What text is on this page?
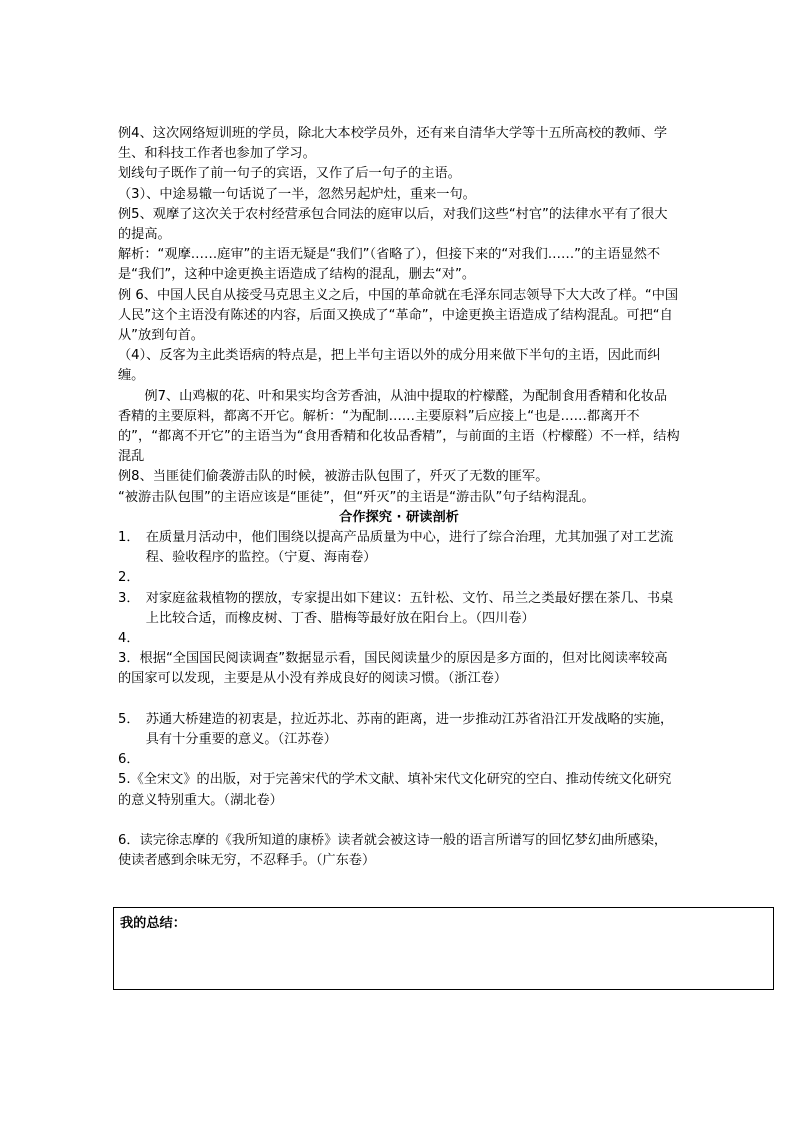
例4、这次网络短训班的学员，除北大本校学员外，还有来自清华大学等十五所高校的教师、学生、和科技工作者也参加了学习。

划线句子既作了前一句子的宾语，又作了后一句子的主语。

（3）、中途易辙一句话说了一半，忽然另起炉灶，重来一句。

例5、观摩了这次关于农村经营承包合同法的庭审以后，对我们这些“村官”的法律水平有了很大的提高。

解析：“观摩……庭审”的主语无疑是“我们”（省略了），但接下来的“对我们……”的主语显然不是“我们”，这种中途更换主语造成了结构的混乱，删去“对”。

例 6、中国人民自从接受马克思主义之后，中国的革命就在毛泽东同志领导下大大改了样。“中国人民”这个主语没有陈述的内容，后面又换成了“革命”，中途更换主语造成了结构混乱。可把“自从”放到句首。

（4）、反客为主此类语病的特点是，把上半句主语以外的成分用来做下半句的主语，因此而纠缠。

例7、山鸡椒的花、叶和果实均含芳香油，从油中提取的柠檬醛，为配制食用香精和化妆品香精的主要原料，都离不开它。解析：“为配制……主要原料”后应接上“也是……都离开不的”，“都离不开它”的主语当为“食用香精和化妆品香精”，与前面的主语（柠檬醛）不一样，结构混乱

例8、当匪徒们偷袭游击队的时候，被游击队包围了，歼灭了无数的匪军。

“被游击队包围”的主语应该是“匪徒”，但“歼灭”的主语是“游击队”句子结构混乱。

合作探究 · 研读剖析

1． 在质量月活动中，他们围绕以提高产品质量为中心，进行了综合治理，尤其加强了对工艺流程、验收程序的监控。（宁夏、海南卷）
2．
3． 对家庭盆栽植物的摆放，专家提出如下建议：五针松、文竹、吊兰之类最好摆在茶几、书桌上比较合适，而橡皮树、丁香、腊梅等最好放在阳台上。（四川卷）
4．

3．根据“全国国民阅读调查”数据显示看，国民阅读量少的原因是多方面的，但对比阅读率较高的国家可以发现，主要是从小没有养成良好的阅读习惯。（浙江卷）

5． 苏通大桥建造的初衷是，拉近苏北、苏南的距离，进一步推动江苏省沿江开发战略的实施，具有十分重要的意义。（江苏卷）
6．

5.《全宋文》的出版，对于完善宋代的学术文献、填补宋代文化研究的空白、推动传统文化研究的意义特别重大。（湖北卷）

6．读完徐志摩的《我所知道的康桥》读者就会被这诗一般的语言所谱写的回忆梦幻曲所感染，使读者感到余味无穷，不忍释手。（广东卷）

我的总结：
